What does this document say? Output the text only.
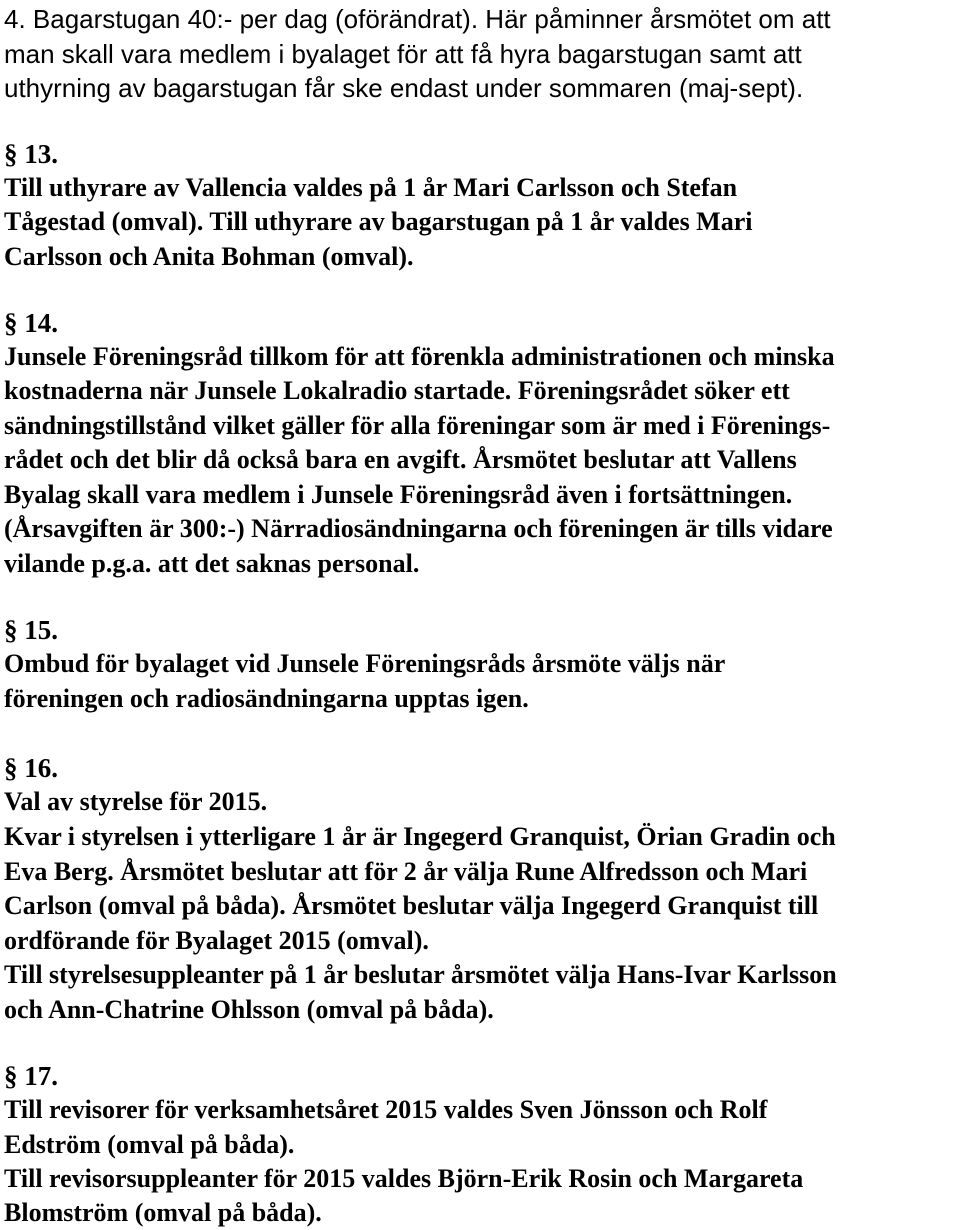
4. Bagarstugan 40:- per dag (oförändrat). Här påminner årsmötet om att
man skall vara medlem i byalaget för att få hyra bagarstugan samt att
uthyrning av bagarstugan får ske endast under sommaren (maj-sept).
§ 13.
Till uthyrare av Vallencia valdes på 1 år Mari Carlsson och Stefan
Tågestad (omval). Till uthyrare av bagarstugan på 1 år valdes Mari
Carlsson och Anita Bohman (omval).
§ 14.
Junsele Föreningsråd tillkom för att förenkla administrationen och minska
kostnaderna när Junsele Lokalradio startade. Föreningsrådet söker ett
sändningstillstånd vilket gäller för alla föreningar som är med i Förenings-
rådet och det blir då också bara en avgift. Årsmötet beslutar att Vallens
Byalag skall vara medlem i Junsele Föreningsråd även i fortsättningen.
(Årsavgiften är 300:-) Närradiosändningarna och föreningen är tills vidare
vilande p.g.a. att det saknas personal.
§ 15.
Ombud för byalaget vid Junsele Föreningsråds årsmöte väljs när
föreningen och radiosändningarna upptas igen.
§ 16.
Val av styrelse för 2015.
Kvar i styrelsen i ytterligare 1 år är Ingegerd Granquist, Örian Gradin och
Eva Berg. Årsmötet beslutar att för 2 år välja Rune Alfredsson och Mari
Carlson (omval på båda). Årsmötet beslutar välja Ingegerd Granquist till
ordförande för Byalaget 2015 (omval).
Till styrelsesuppleanter på 1 år beslutar årsmötet välja Hans-Ivar Karlsson
och Ann-Chatrine Ohlsson (omval på båda).
§ 17.
Till revisorer för verksamhetsåret 2015 valdes Sven Jönsson och Rolf
Edström (omval på båda).
Till revisorsuppleanter för 2015 valdes Björn-Erik Rosin och Margareta
Blomström (omval på båda).
